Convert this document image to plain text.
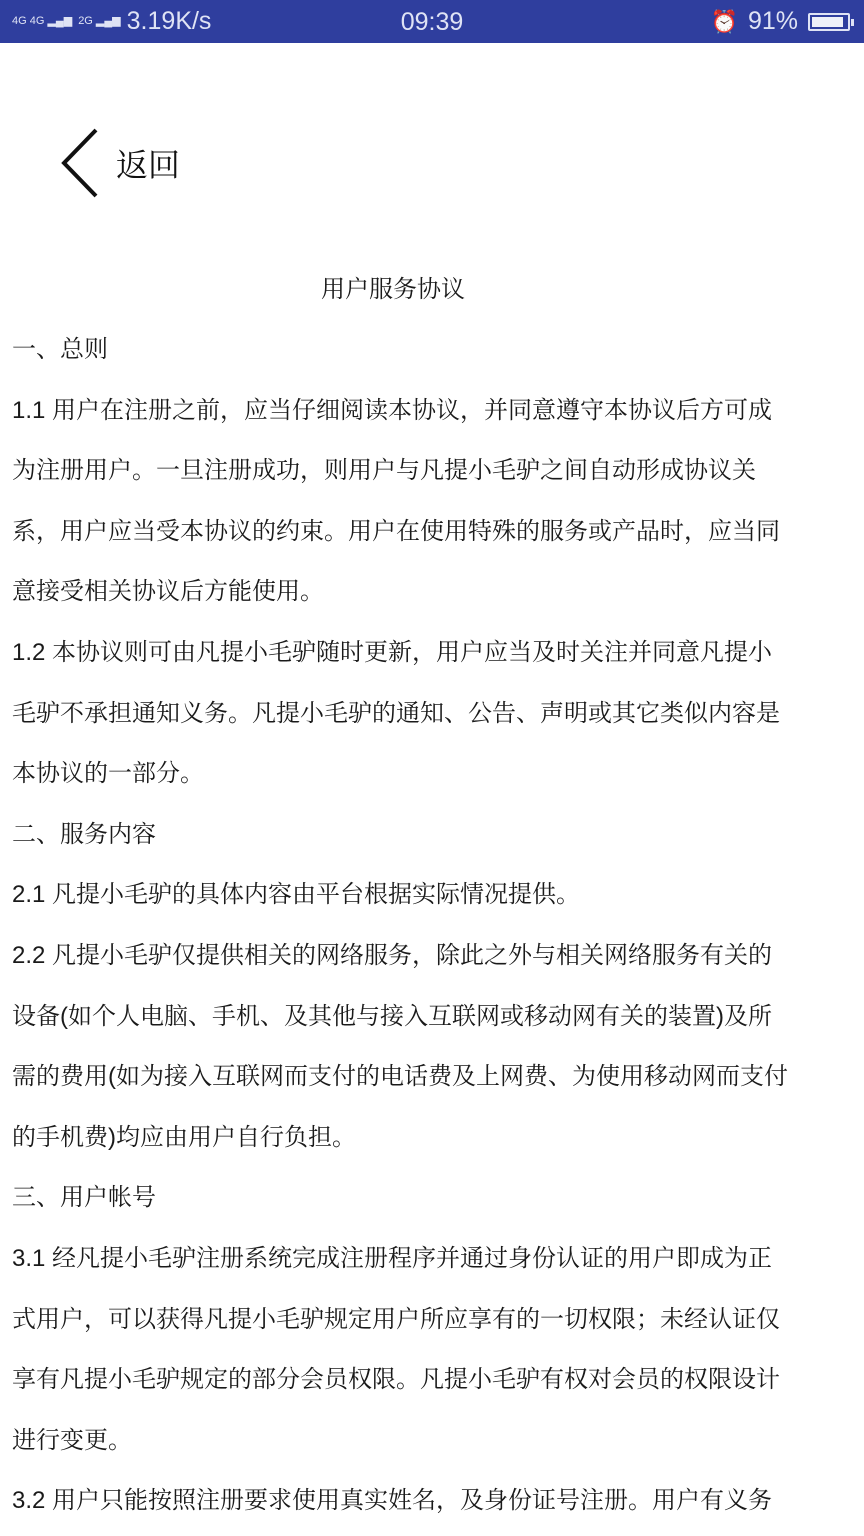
4G 4G ▂▄▆ 2G ▂▄▆ 3.19K/s	09:39	⏰ 91%
返回
用户服务协议
一、总则
1.1 用户在注册之前，应当仔细阅读本协议，并同意遵守本协议后方可成
为注册用户。一旦注册成功，则用户与凡提小毛驴之间自动形成协议关
系，用户应当受本协议的约束。用户在使用特殊的服务或产品时，应当同
意接受相关协议后方能使用。
1.2 本协议则可由凡提小毛驴随时更新，用户应当及时关注并同意凡提小
毛驴不承担通知义务。凡提小毛驴的通知、公告、声明或其它类似内容是
本协议的一部分。
二、服务内容
2.1 凡提小毛驴的具体内容由平台根据实际情况提供。
2.2 凡提小毛驴仅提供相关的网络服务，除此之外与相关网络服务有关的
设备(如个人电脑、手机、及其他与接入互联网或移动网有关的装置)及所
需的费用(如为接入互联网而支付的电话费及上网费、为使用移动网而支付
的手机费)均应由用户自行负担。
三、用户帐号
3.1 经凡提小毛驴注册系统完成注册程序并通过身份认证的用户即成为正
式用户，可以获得凡提小毛驴规定用户所应享有的一切权限；未经认证仅
享有凡提小毛驴规定的部分会员权限。凡提小毛驴有权对会员的权限设计
进行变更。
3.2 用户只能按照注册要求使用真实姓名，及身份证号注册。用户有义务
